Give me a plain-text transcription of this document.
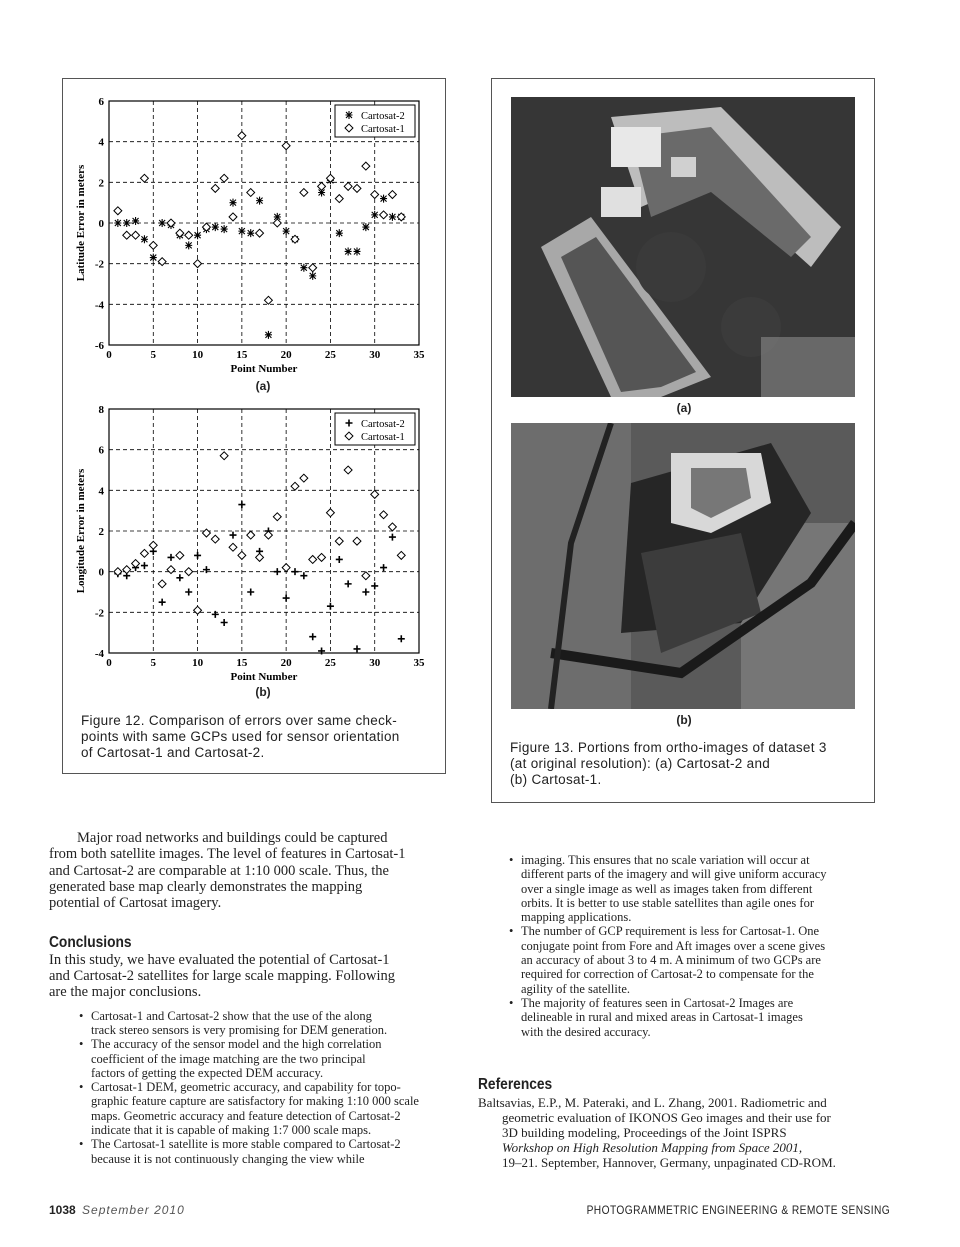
0	5	10	15	20	25	30	35
6
4
2
0
-2
-4
-6
Point Number
Latitude Error in meters
Cartosat-2
Cartosat-1
(a)
0	5	10	15	20	25	30	35
8
6
4
2
0
-2
-4
Point Number
Longitude Error in meters
Cartosat-2
Cartosat-1
(b)
Figure 12. Comparison of errors over same check-
points with same GCPs used for sensor orientation
of Cartosat-1 and Cartosat-2.
(a)
(b)
Figure 13. Portions from ortho-images of dataset 3
(at original resolution): (a) Cartosat-2 and
(b) Cartosat-1.

Major road networks and buildings could be captured

from both satellite images. The level of features in Cartosat-1

and Cartosat-2 are comparable at 1:10 000 scale. Thus, the

generated base map clearly demonstrates the mapping

potential of Cartosat imagery.

Conclusions

In this study, we have evaluated the potential of Cartosat-1

and Cartosat-2 satellites for large scale mapping. Following

are the major conclusions.

• Cartosat-1 and Cartosat-2 show that the use of the along
track stereo sensors is very promising for DEM generation.
• The accuracy of the sensor model and the high correlation
coefficient of the image matching are the two principal
factors of getting the expected DEM accuracy.
• Cartosat-1 DEM, geometric accuracy, and capability for topo-
graphic feature capture are satisfactory for making 1:10 000 scale
maps. Geometric accuracy and feature detection of Cartosat-2
indicate that it is capable of making 1:7 000 scale maps.
• The Cartosat-1 satellite is more stable compared to Cartosat-2
because it is not continuously changing the view while
• imaging. This ensures that no scale variation will occur at
different parts of the imagery and will give uniform accuracy
over a single image as well as images taken from different
orbits. It is better to use stable satellites than agile ones for
mapping applications.
• The number of GCP requirement is less for Cartosat-1. One
conjugate point from Fore and Aft images over a scene gives
an accuracy of about 3 to 4 m. A minimum of two GCPs are
required for correction of Cartosat-2 to compensate for the
agility of the satellite.
• The majority of features seen in Cartosat-2 Images are
delineable in rural and mixed areas in Cartosat-1 images
with the desired accuracy.
References
Baltsavias, E.P., M. Pateraki, and L. Zhang, 2001. Radiometric and
geometric evaluation of IKONOS Geo images and their use for
3D building modeling, Proceedings of the Joint ISPRS
Workshop on High Resolution Mapping from Space 2001,
19–21. September, Hannover, Germany, unpaginated CD-ROM.
1038 September 2010	PHOTOGRAMMETRIC ENGINEERING & REMOTE SENSING
